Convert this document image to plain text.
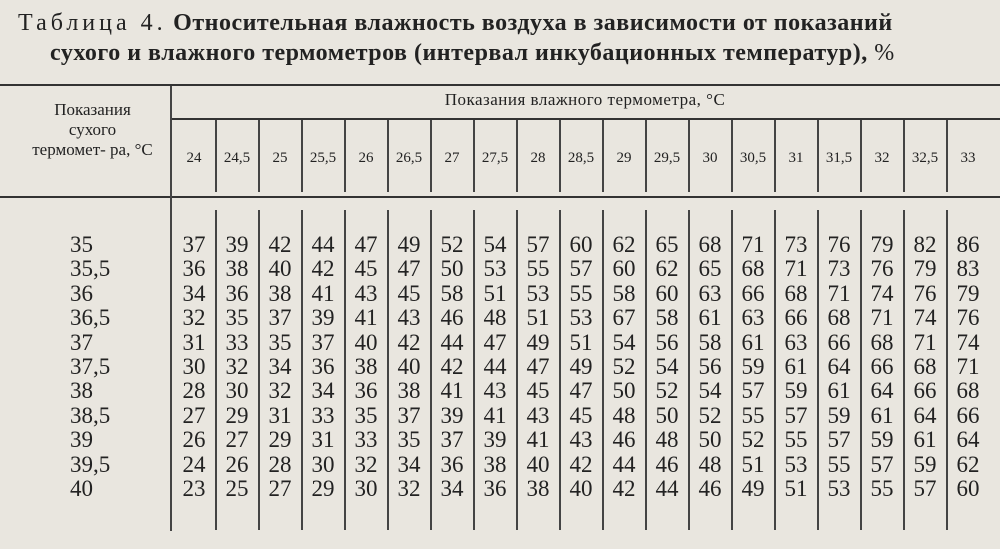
Таблица 4. Относительная влажность воздуха в зависимости от показаний
сухого и влажного термометров (интервал инкубационных температур), %
Показания сухого термомет- ра, °С
Показания влажного термометра, °С
24	24,5	25	25,5	26	26,5	27	27,5	28	28,5	29	29,5	30	30,5	31	31,5	32	32,5	33
35	37 39 42 44 47 49 52 54 57 60 62 65 68 71 73 76 79 82 86
35,5	36 38 40 42 45 47 50 53 55 57 60 62 65 68 71 73 76 79 83
36	34 36 38 41 43 45 58 51 53 55 58 60 63 66 68 71 74 76 79
36,5	32 35 37 39 41 43 46 48 51 53 67 58 61 63 66 68 71 74 76
37	31 33 35 37 40 42 44 47 49 51 54 56 58 61 63 66 68 71 74
37,5	30 32 34 36 38 40 42 44 47 49 52 54 56 59 61 64 66 68 71
38	28 30 32 34 36 38 41 43 45 47 50 52 54 57 59 61 64 66 68
38,5	27 29 31 33 35 37 39 41 43 45 48 50 52 55 57 59 61 64 66
39	26 27 29 31 33 35 37 39 41 43 46 48 50 52 55 57 59 61 64
39,5	24 26 28 30 32 34 36 38 40 42 44 46 48 51 53 55 57 59 62
40	23 25 27 29 30 32 34 36 38 40 42 44 46 49 51 53 55 57 60
